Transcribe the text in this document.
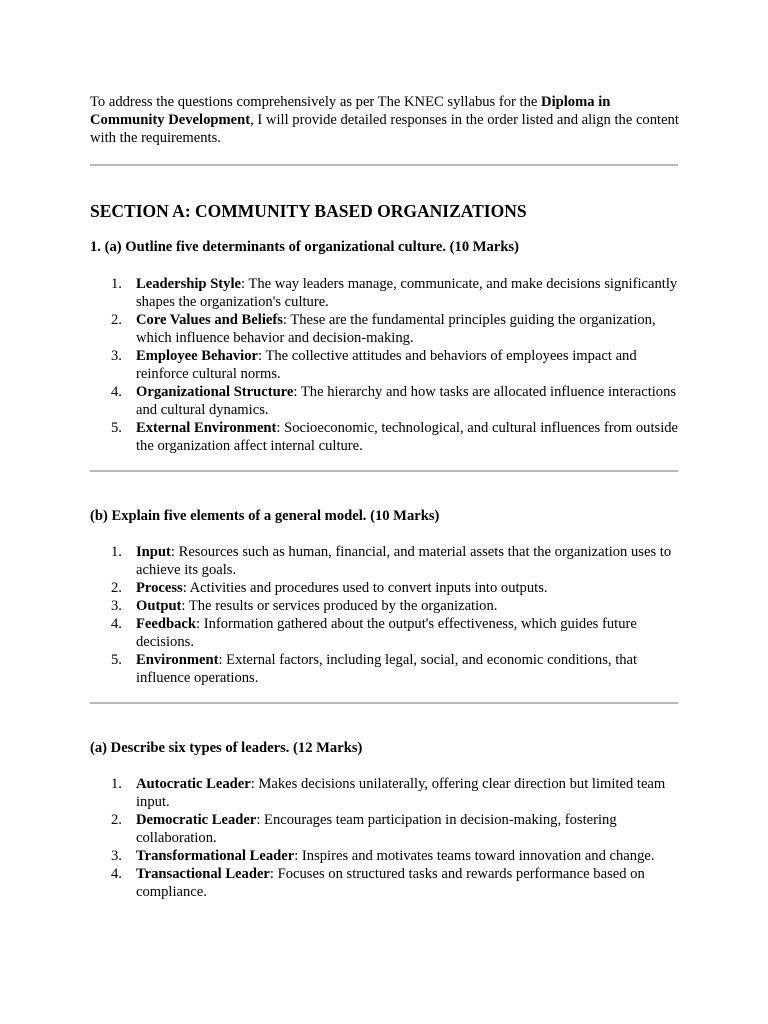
To address the questions comprehensively as per The KNEC syllabus for the Diploma in Community Development, I will provide detailed responses in the order listed and align the content with the requirements.

SECTION A: COMMUNITY BASED ORGANIZATIONS

1. (a) Outline five determinants of organizational culture. (10 Marks)

1. Leadership Style: The way leaders manage, communicate, and make decisions significantly shapes the organization's culture.
2. Core Values and Beliefs: These are the fundamental principles guiding the organization, which influence behavior and decision-making.
3. Employee Behavior: The collective attitudes and behaviors of employees impact and reinforce cultural norms.
4. Organizational Structure: The hierarchy and how tasks are allocated influence interactions and cultural dynamics.
5. External Environment: Socioeconomic, technological, and cultural influences from outside the organization affect internal culture.

(b) Explain five elements of a general model. (10 Marks)

1. Input: Resources such as human, financial, and material assets that the organization uses to achieve its goals.
2. Process: Activities and procedures used to convert inputs into outputs.
3. Output: The results or services produced by the organization.
4. Feedback: Information gathered about the output's effectiveness, which guides future decisions.
5. Environment: External factors, including legal, social, and economic conditions, that influence operations.

(a) Describe six types of leaders. (12 Marks)

1. Autocratic Leader: Makes decisions unilaterally, offering clear direction but limited team input.
2. Democratic Leader: Encourages team participation in decision-making, fostering collaboration.
3. Transformational Leader: Inspires and motivates teams toward innovation and change.
4. Transactional Leader: Focuses on structured tasks and rewards performance based on compliance.
